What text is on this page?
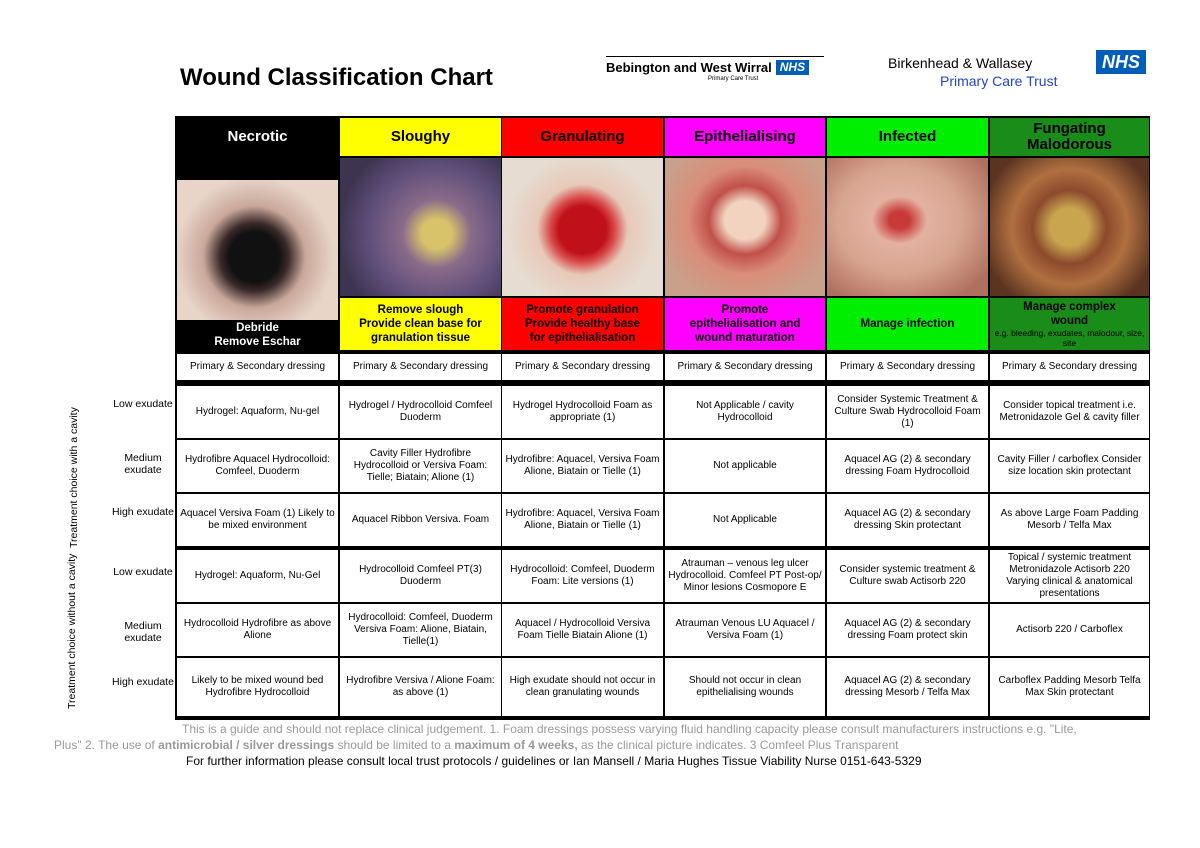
Wound Classification Chart	Bebington and West Wirral NHS
Primary Care Trust
Birkenhead & Wallasey
Primary Care Trust
NHS
Treatment choice with a cavity
Low exudate
Medium exudate
High exudate
Treatment choice without a cavity	Low exudate
Medium exudate
High exudate
Necrotic
Debride
Remove Eschar
Primary & Secondary dressing
Sloughy
Remove slough
Provide clean base for
granulation tissue
Primary & Secondary dressing
Granulating
Promote granulation
Provide healthy base
for epithelialisation
Primary & Secondary dressing
Epithelialising
Promote
epithelialisation and
wound maturation
Primary & Secondary dressing
Infected
Manage infection
Primary & Secondary dressing
Fungating Malodorous
Manage complex
wound
e.g. bleeding, exudates, malodour, size, site
Primary & Secondary dressing
Hydrogel: Aquaform, Nu-gel
Hydrogel / Hydrocolloid Comfeel Duoderm
Hydrogel Hydrocolloid Foam as appropriate (1)
Not Applicable / cavity Hydrocolloid
Consider Systemic Treatment & Culture Swab Hydrocolloid Foam (1)
Consider topical treatment i.e. Metronidazole Gel & cavity filler
Hydrofibre Aquacel Hydrocolloid: Comfeel, Duoderm
Cavity Filler Hydrofibre Hydrocolloid or Versiva Foam: Tielle; Biatain; Alione (1)
Hydrofibre: Aquacel, Versiva Foam Alione, Biatain or Tielle (1)
Not applicable
Aquacel AG (2) & secondary dressing Foam Hydrocolloid
Cavity Filler / carboflex Consider size location skin protectant
Aquacel Versiva Foam (1) Likely to be mixed environment
Aquacel Ribbon Versiva. Foam
Hydrofibre: Aquacel, Versiva Foam Alione, Biatain or Tielle (1)
Not Applicable
Aquacel AG (2) & secondary dressing Skin protectant
As above Large Foam Padding Mesorb / Telfa Max
Hydrogel: Aquaform, Nu-Gel
Hydrocolloid Comfeel PT(3) Duoderm
Hydrocolloid: Comfeel, Duoderm Foam: Lite versions (1)
Atrauman – venous leg ulcer Hydrocolloid. Comfeel PT Post-op/ Minor lesions Cosmopore E
Consider systemic treatment & Culture swab Actisorb 220
Topical / systemic treatment Metronidazole Actisorb 220 Varying clinical & anatomical presentations
Hydrocolloid Hydrofibre as above Alione
Hydrocolloid: Comfeel, Duoderm Versiva Foam: Alione, Biatain, Tielle(1)
Aquacel / Hydrocolloid Versiva Foam Tielle Biatain Alione (1)
Atrauman Venous LU Aquacel / Versiva Foam (1)
Aquacel AG (2) & secondary dressing Foam protect skin
Actisorb 220 / Carboflex
Likely to be mixed wound bed Hydrofibre Hydrocolloid
Hydrofibre Versiva / Alione Foam: as above (1)
High exudate should not occur in clean granulating wounds
Should not occur in clean epithelialising wounds
Aquacel AG (2) & secondary dressing Mesorb / Telfa Max
Carboflex Padding Mesorb Telfa Max Skin protectant
This is a guide and should not replace clinical judgement. 1. Foam dressings possess varying fluid handling capacity please consult manufacturers instructions e.g. "Lite,
Plus" 2. The use of antimicrobial / silver dressings should be limited to a maximum of 4 weeks, as the clinical picture indicates. 3 Comfeel Plus Transparent
For further information please consult local trust protocols / guidelines or Ian Mansell / Maria Hughes Tissue Viability Nurse 0151-643-5329
